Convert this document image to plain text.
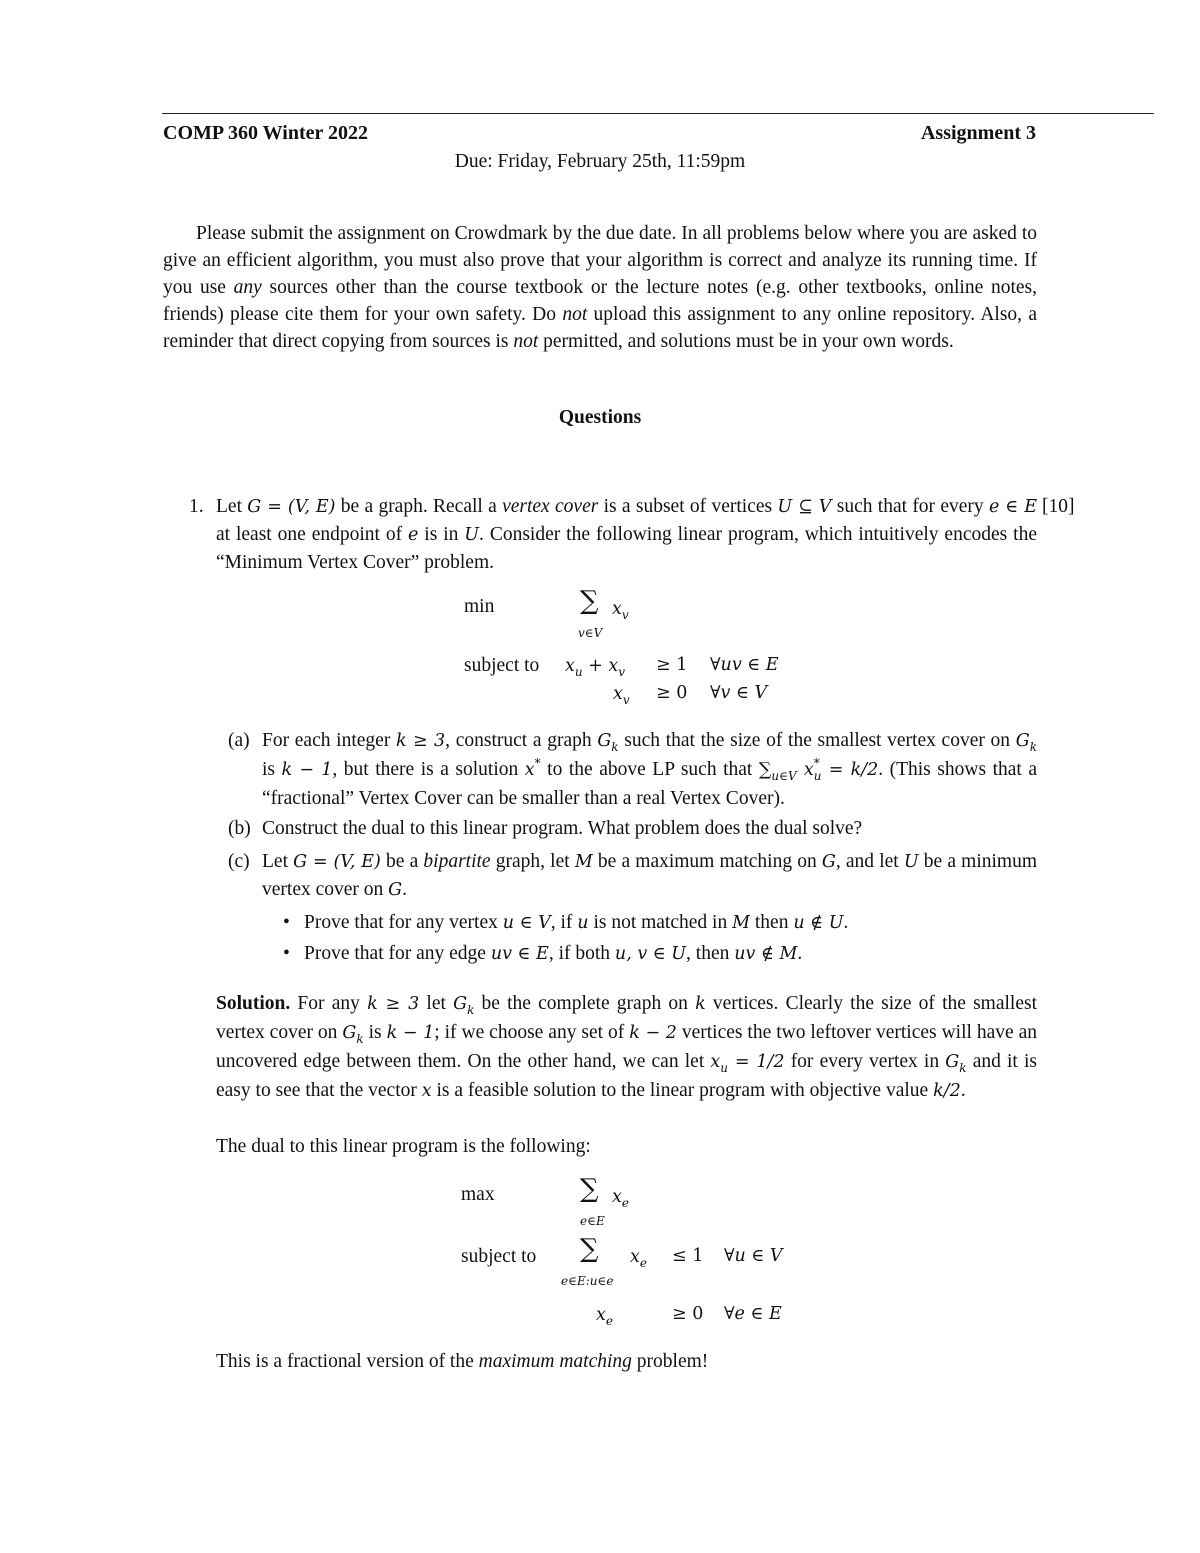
COMP 360 Winter 2022	Assignment 3
Due: Friday, February 25th, 11:59pm
Please submit the assignment on Crowdmark by the due date. In all problems below where you are asked to give an efficient algorithm, you must also prove that your algorithm is correct and analyze its running time. If you use any sources other than the course textbook or the lecture notes (e.g. other textbooks, online notes, friends) please cite them for your own safety. Do not upload this assignment to any online repository. Also, a reminder that direct copying from sources is not permitted, and solutions must be in your own words.
Questions
1.	[10]
Let G = (V, E) be a graph. Recall a vertex cover is a subset of vertices U ⊆ V such that for every e ∈ E at least one endpoint of e is in U. Consider the following linear program, which intuitively encodes the “Minimum Vertex Cover” problem.
min	∑ $x_v$
v∈V
subject to $x_u + x_v \ge 1$ ∀uv ∈ E
$x_v \ge 0$ ∀v ∈ V
(a) For each integer k ≥ 3, construct a graph $G_k$ such that the size of the smallest vertex cover on $G_k$ is k − 1, but there is a solution x* to the above LP such that $\sum_{u\in V}$ $x^*_u = k/2$. (This shows that a “fractional” Vertex Cover can be smaller than a real Vertex Cover).
(b) Construct the dual to this linear program. What problem does the dual solve?
(c) Let G = (V, E) be a bipartite graph, let M be a maximum matching on G, and let U be a minimum vertex cover on G.
• Prove that for any vertex u ∈ V, if u is not matched in M then u ∉ U.
• Prove that for any edge uv ∈ E, if both u, v ∈ U, then uv ∉ M.
Solution. For any k ≥ 3 let $G_k$ be the complete graph on k vertices. Clearly the size of the smallest vertex cover on $G_k$ is k − 1; if we choose any set of k − 2 vertices the two leftover vertices will have an uncovered edge between them. On the other hand, we can let $x_u = 1/2$ for every vertex in $G_k$ and it is easy to see that the vector x is a feasible solution to the linear program with objective value k/2.
The dual to this linear program is the following:
max	∑ $x_e$
e∈E
subject to ∑
e∈E:u∈e
$x_e \le 1$ ∀u ∈ V
$x_e$	≥ 0 ∀e ∈ E
This is a fractional version of the maximum matching problem!
